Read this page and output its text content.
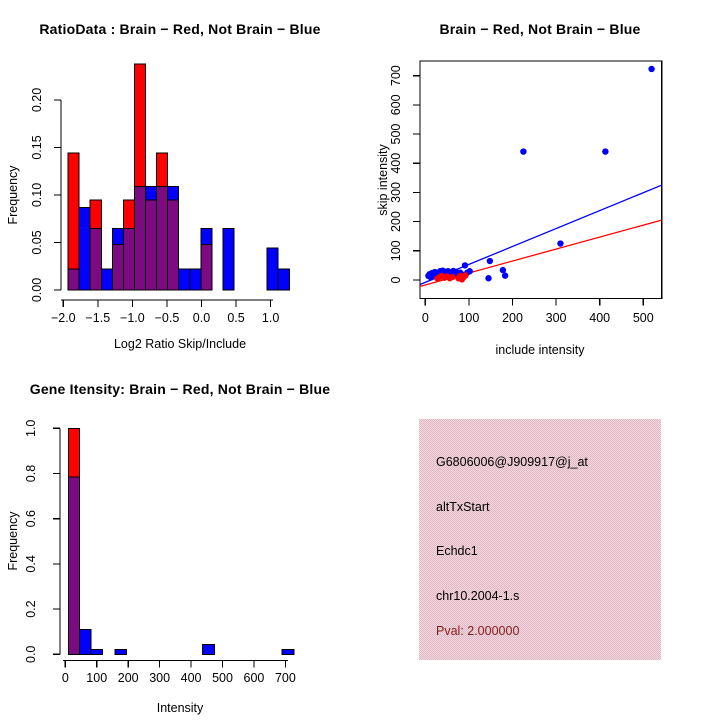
RatioData : Brain − Red, Not Brain − Blue
Frequency
Log2 Ratio Skip/Include
0.00
0.05
0.10
0.15
0.20
−2.0 −1.5 −1.0 −0.5 0.0 0.5 1.0
Brain − Red, Not Brain − Blue
skip intensity
include intensity
0
100
200
300
400
500
600
700
0 100 200 300 400 500
Gene Itensity: Brain − Red, Not Brain − Blue
Frequency
Intensity
0.0
0.2
0.4
0.6
0.8
1.0
0 100 200 300 400 500 600 700
G6806006@J909917@j_at
altTxStart
Echdc1
chr10.2004-1.s
Pval: 2.000000
